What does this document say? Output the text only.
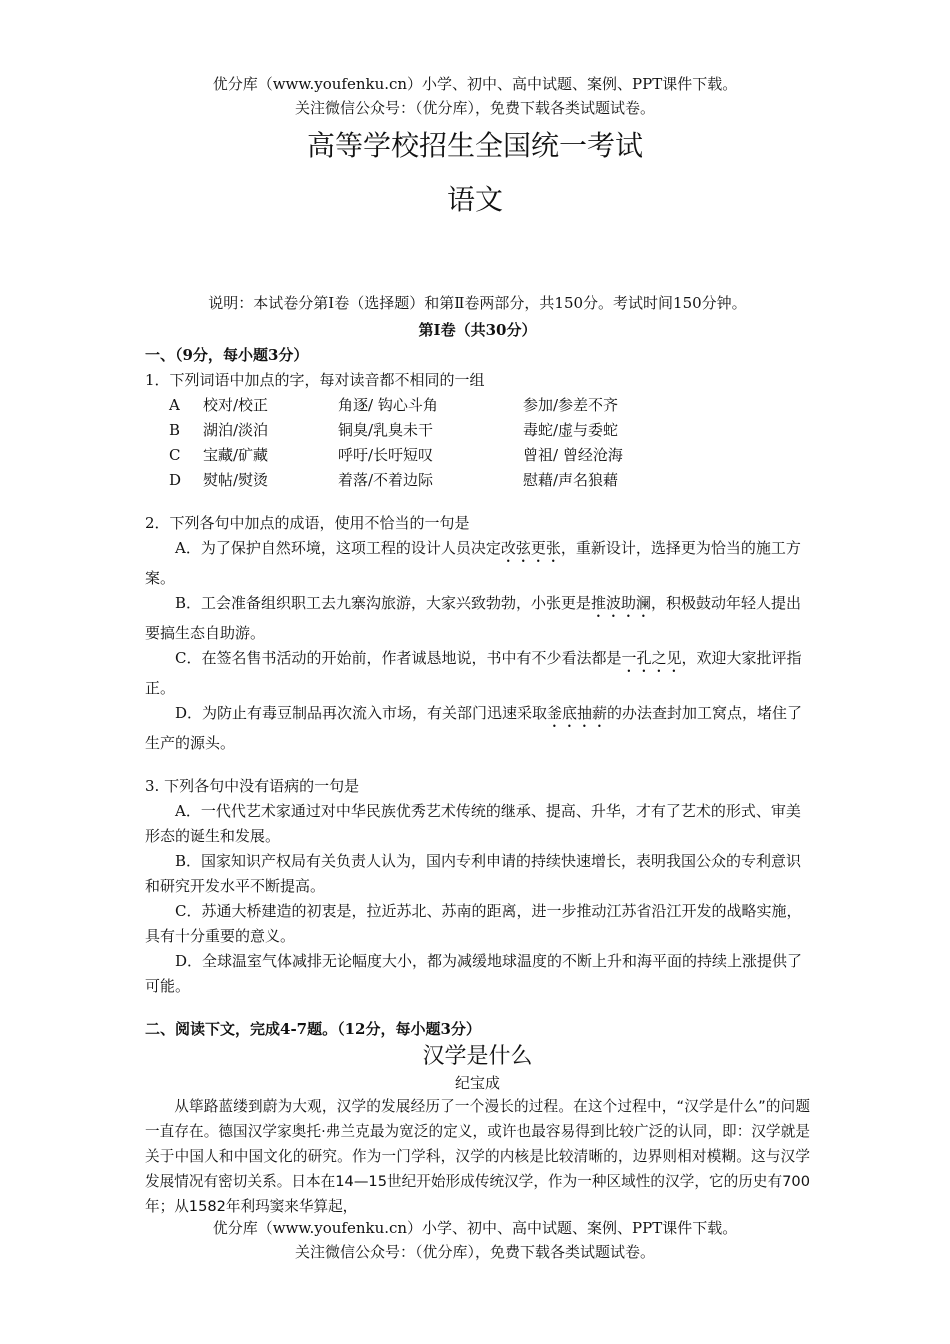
优分库（www.youfenku.cn）小学、初中、高中试题、案例、PPT课件下载。
关注微信公众号：（优分库），免费下载各类试题试卷。
高等学校招生全国统一考试
语文
说明：本试卷分第Ⅰ卷（选择题）和第Ⅱ卷两部分，共150分。考试时间150分钟。
第Ⅰ卷（共30分）
一、（9分，每小题3分）
1．下列词语中加点的字，每对读音都不相同的一组
A	校对/校正	角逐/ 钩心斗角	参加/参差不齐
B	湖泊/淡泊	铜臭/乳臭未干	毒蛇/虚与委蛇
C	宝藏/矿藏	呼吁/长吁短叹	曾祖/ 曾经沧海
D	熨帖/熨烫	着落/不着边际	慰藉/声名狼藉
2．下列各句中加点的成语，使用不恰当的一句是
A．为了保护自然环境，这项工程的设计人员决定改弦更张，重新设计，选择更为恰当的施工方案。
B．工会准备组织职工去九寨沟旅游，大家兴致勃勃，小张更是推波助澜，积极鼓动年轻人提出要搞生态自助游。
C．在签名售书活动的开始前，作者诚恳地说，书中有不少看法都是一孔之见，欢迎大家批评指正。
D．为防止有毒豆制品再次流入市场，有关部门迅速采取釜底抽薪的办法查封加工窝点，堵住了生产的源头。
3. 下列各句中没有语病的一句是
A．一代代艺术家通过对中华民族优秀艺术传统的继承、提高、升华，才有了艺术的形式、审美形态的诞生和发展。
B．国家知识产权局有关负责人认为，国内专利申请的持续快速增长，表明我国公众的专利意识和研究开发水平不断提高。
C．苏通大桥建造的初衷是，拉近苏北、苏南的距离，进一步推动江苏省沿江开发的战略实施，具有十分重要的意义。
D．全球温室气体减排无论幅度大小，都为减缓地球温度的不断上升和海平面的持续上涨提供了可能。
二、阅读下文，完成4-7题。（12分，每小题3分）
汉学是什么
纪宝成
从筚路蓝缕到蔚为大观，汉学的发展经历了一个漫长的过程。在这个过程中，“汉学是什么”的问题一直存在。德国汉学家奥托·弗兰克最为宽泛的定义，或许也最容易得到比较广泛的认同，即：汉学就是关于中国人和中国文化的研究。作为一门学科，汉学的内核是比较清晰的，边界则相对模糊。这与汉学发展情况有密切关系。日本在14—15世纪开始形成传统汉学，作为一种区域性的汉学，它的历史有700年；从1582年利玛窦来华算起，
优分库（www.youfenku.cn）小学、初中、高中试题、案例、PPT课件下载。
关注微信公众号：（优分库），免费下载各类试题试卷。
